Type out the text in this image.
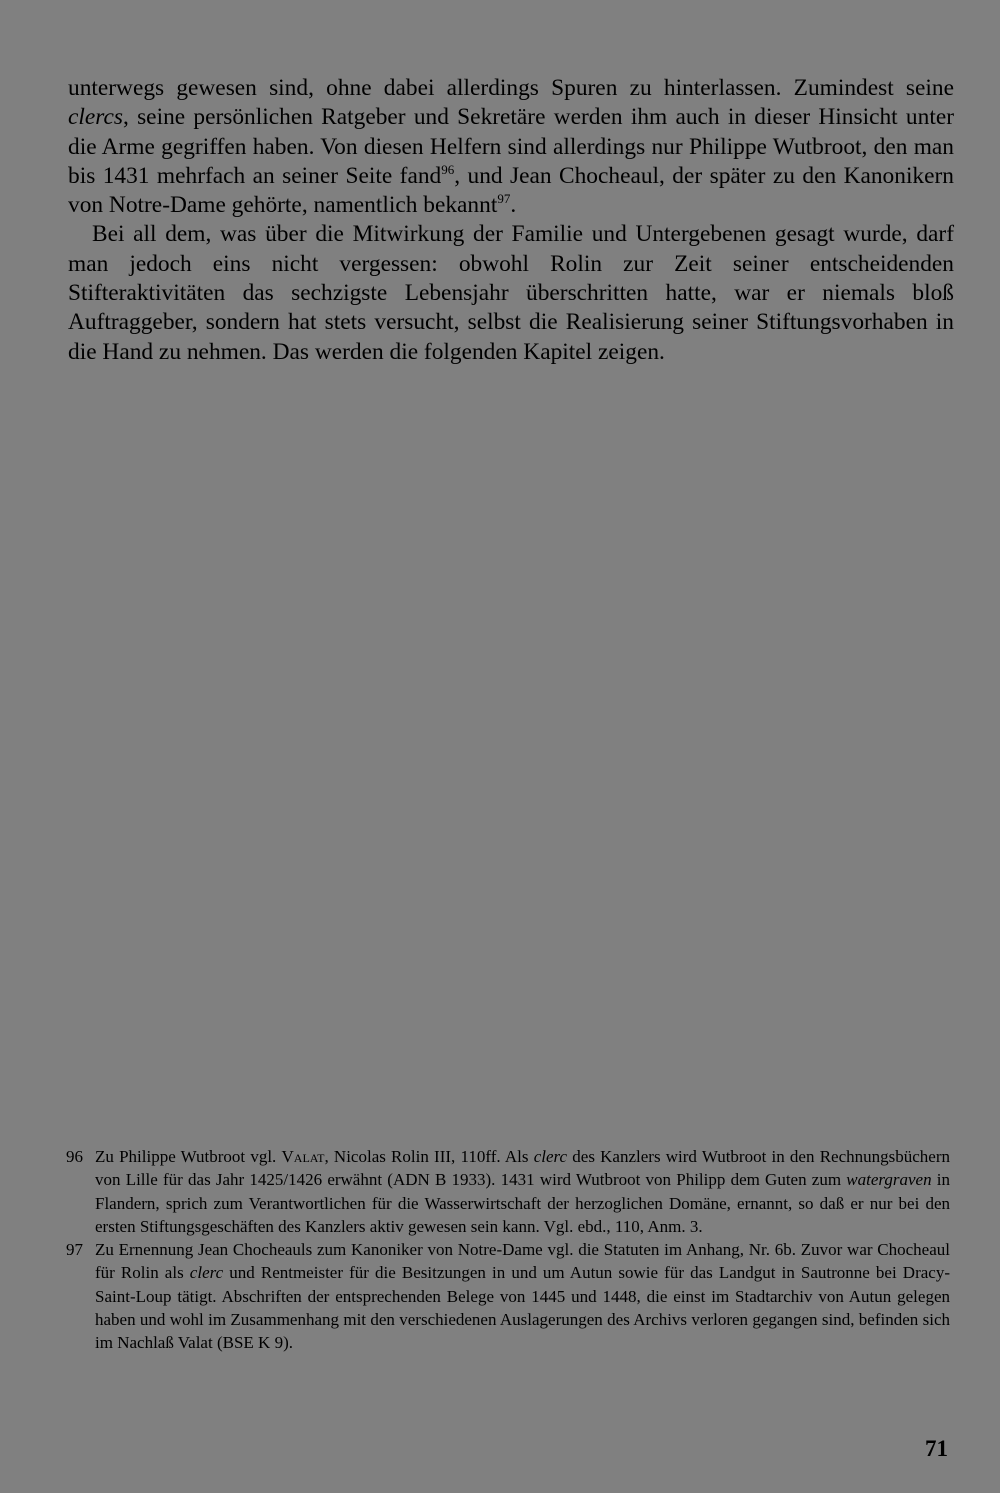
unterwegs gewesen sind, ohne dabei allerdings Spuren zu hinterlassen. Zumindest seine clercs, seine persönlichen Ratgeber und Sekretäre werden ihm auch in dieser Hinsicht unter die Arme gegriffen haben. Von diesen Helfern sind allerdings nur Philippe Wutbroot, den man bis 1431 mehrfach an seiner Seite fand$^{96}$, und Jean Chocheaul, der später zu den Kanonikern von Notre-Dame gehörte, namentlich bekannt$^{97}$.

Bei all dem, was über die Mitwirkung der Familie und Untergebenen gesagt wurde, darf man jedoch eins nicht vergessen: obwohl Rolin zur Zeit seiner entscheidenden Stifteraktivitäten das sechzigste Lebensjahr überschritten hatte, war er niemals bloß Auftraggeber, sondern hat stets versucht, selbst die Realisierung seiner Stiftungsvorhaben in die Hand zu nehmen. Das werden die folgenden Kapitel zeigen.

96 Zu Philippe Wutbroot vgl. Valat, Nicolas Rolin III, 110ff. Als clerc des Kanzlers wird Wutbroot in den Rechnungsbüchern von Lille für das Jahr 1425/1426 erwähnt (ADN B 1933). 1431 wird Wutbroot von Philipp dem Guten zum watergraven in Flandern, sprich zum Verantwortlichen für die Wasserwirtschaft der herzoglichen Domäne, ernannt, so daß er nur bei den ersten Stiftungsgeschäften des Kanzlers aktiv gewesen sein kann. Vgl. ebd., 110, Anm. 3.
97 Zu Ernennung Jean Chocheauls zum Kanoniker von Notre-Dame vgl. die Statuten im Anhang, Nr. 6b. Zuvor war Chocheaul für Rolin als clerc und Rentmeister für die Besitzungen in und um Autun sowie für das Landgut in Sautronne bei Dracy-Saint-Loup tätigt. Abschriften der entsprechenden Belege von 1445 und 1448, die einst im Stadtarchiv von Autun gelegen haben und wohl im Zusammenhang mit den verschiedenen Auslagerungen des Archivs verloren gegangen sind, befinden sich im Nachlaß Valat (BSE K 9).
71
